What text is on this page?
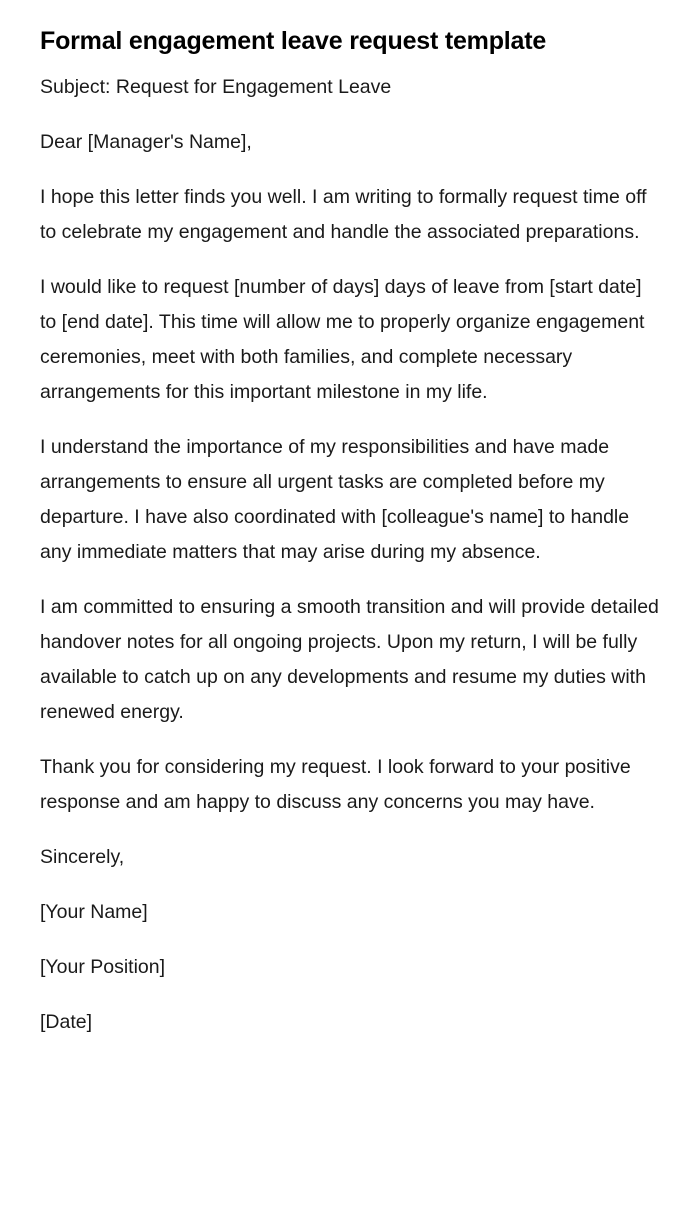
Formal engagement leave request template

Subject: Request for Engagement Leave

Dear [Manager's Name],

I hope this letter finds you well. I am writing to formally request time off to celebrate my engagement and handle the associated preparations.

I would like to request [number of days] days of leave from [start date] to [end date]. This time will allow me to properly organize engagement ceremonies, meet with both families, and complete necessary arrangements for this important milestone in my life.

I understand the importance of my responsibilities and have made arrangements to ensure all urgent tasks are completed before my departure. I have also coordinated with [colleague's name] to handle any immediate matters that may arise during my absence.

I am committed to ensuring a smooth transition and will provide detailed handover notes for all ongoing projects. Upon my return, I will be fully available to catch up on any developments and resume my duties with renewed energy.

Thank you for considering my request. I look forward to your positive response and am happy to discuss any concerns you may have.

Sincerely,

[Your Name]

[Your Position]

[Date]
